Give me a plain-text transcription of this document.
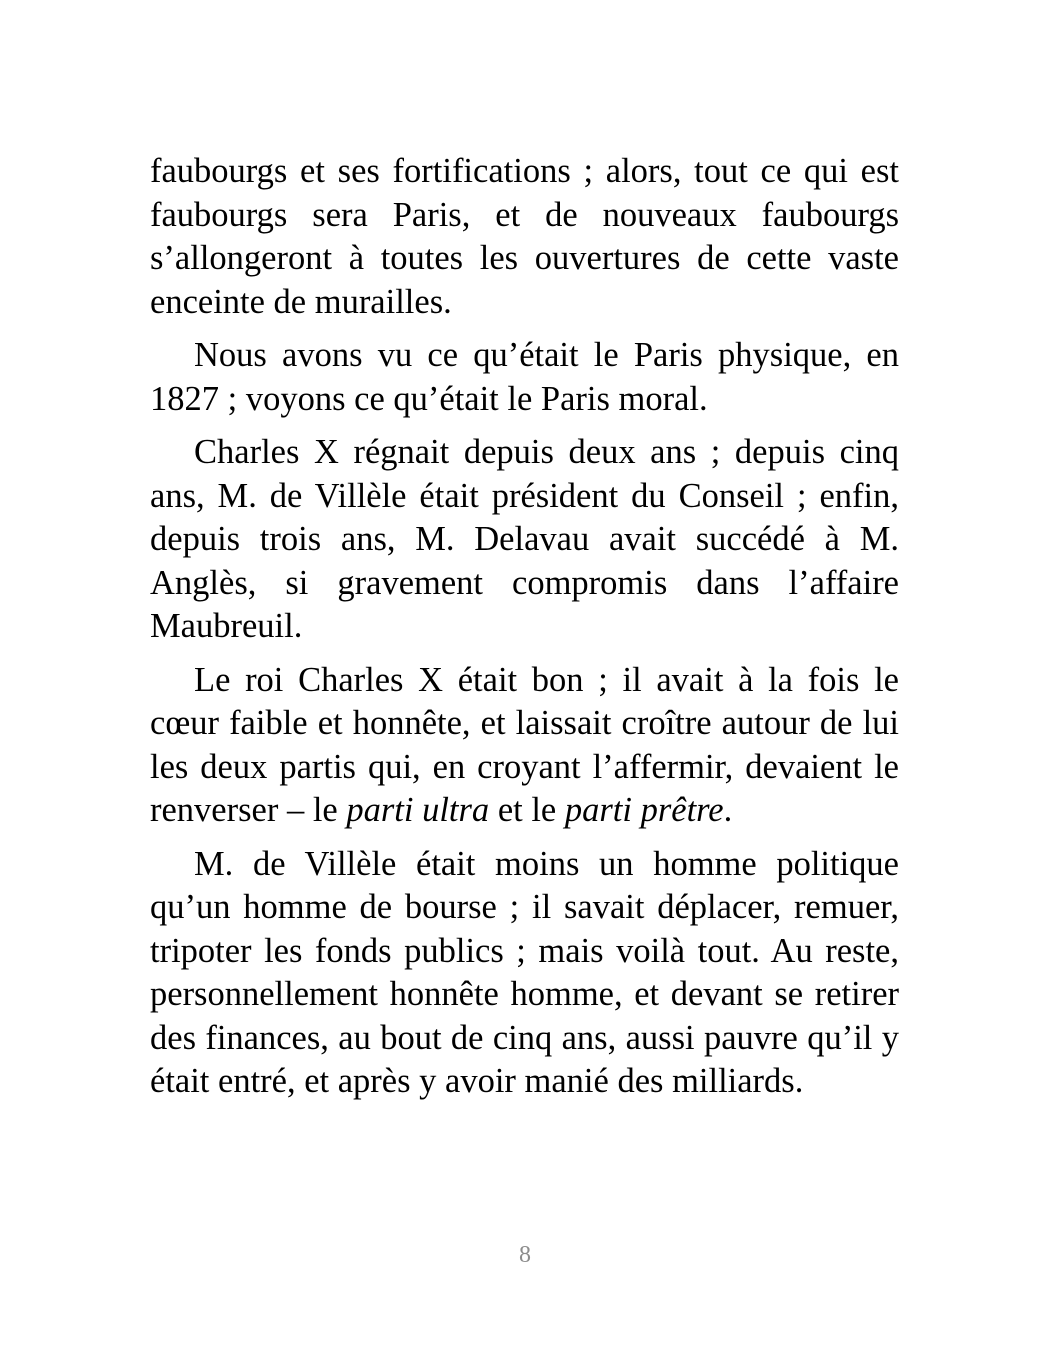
faubourgs et ses fortifications ; alors, tout ce qui est faubourgs sera Paris, et de nouveaux faubourgs s’allongeront à toutes les ouvertures de cette vaste enceinte de murailles.

Nous avons vu ce qu’était le Paris physique, en 1827 ; voyons ce qu’était le Paris moral.

Charles X régnait depuis deux ans ; depuis cinq ans, M. de Villèle était président du Conseil ; enfin, depuis trois ans, M. Delavau avait succédé à M. Anglès, si gravement compromis dans l’affaire Maubreuil.

Le roi Charles X était bon ; il avait à la fois le cœur faible et honnête, et laissait croître autour de lui les deux partis qui, en croyant l’affermir, devaient le renverser – le parti ultra et le parti prêtre.

M. de Villèle était moins un homme politique qu’un homme de bourse ; il savait déplacer, remuer, tripoter les fonds publics ; mais voilà tout. Au reste, personnellement honnête homme, et devant se retirer des finances, au bout de cinq ans, aussi pauvre qu’il y était entré, et après y avoir manié des milliards.

8
